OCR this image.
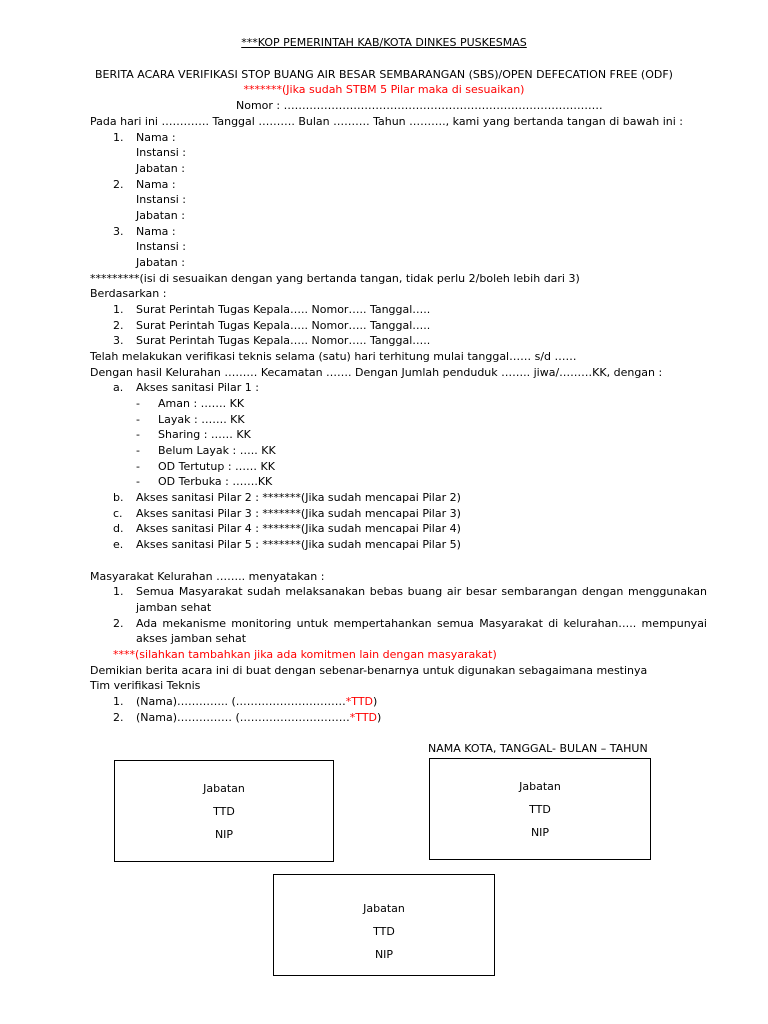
***KOP PEMERINTAH KAB/KOTA DINKES PUSKESMAS
BERITA ACARA VERIFIKASI STOP BUANG AIR BESAR SEMBARANGAN (SBS)/OPEN DEFECATION FREE (ODF)
*******(Jika sudah STBM 5 Pilar maka di sesuaikan)
Nomor : ……………………………………………………………………………
Pada hari ini …………. Tanggal ………. Bulan ………. Tahun ………., kami yang bertanda tangan di bawah ini :
1. Nama :
Instansi :
Jabatan :
2. Nama :
Instansi :
Jabatan :
3. Nama :
Instansi :
Jabatan :
*********(isi di sesuaikan dengan yang bertanda tangan, tidak perlu 2/boleh lebih dari 3)
Berdasarkan :
1. Surat Perintah Tugas Kepala….. Nomor….. Tanggal…..
2. Surat Perintah Tugas Kepala….. Nomor….. Tanggal…..
3. Surat Perintah Tugas Kepala….. Nomor….. Tanggal…..
Telah melakukan verifikasi teknis selama (satu) hari terhitung mulai tanggal…… s/d ……
Dengan hasil Kelurahan ……… Kecamatan ……. Dengan Jumlah penduduk …….. jiwa/………KK, dengan :
a. Akses sanitasi Pilar 1 :
- Aman : ……. KK
- Layak : ……. KK
- Sharing : …… KK
- Belum Layak : ….. KK
- OD Tertutup : …… KK
- OD Terbuka : …….KK
b. Akses sanitasi Pilar 2 : *******(Jika sudah mencapai Pilar 2)
c. Akses sanitasi Pilar 3 : *******(Jika sudah mencapai Pilar 3)
d. Akses sanitasi Pilar 4 : *******(Jika sudah mencapai Pilar 4)
e. Akses sanitasi Pilar 5 : *******(Jika sudah mencapai Pilar 5)
Masyarakat Kelurahan …….. menyatakan :
1. Semua Masyarakat sudah melaksanakan bebas buang air besar sembarangan dengan menggunakan
jamban sehat
2. Ada mekanisme monitoring untuk mempertahankan semua Masyarakat di kelurahan….. mempunyai
akses jamban sehat
****(silahkan tambahkan jika ada komitmen lain dengan masyarakat)
Demikian berita acara ini di buat dengan sebenar-benarnya untuk digunakan sebagaimana mestinya
Tim verifikasi Teknis
1. (Nama)………….. (…………………………*TTD)
2. (Nama)…………… (…………………………*TTD)
NAMA KOTA, TANGGAL- BULAN – TAHUN
Jabatan
TTD
NIP
Jabatan
TTD
NIP
Jabatan
TTD
NIP
